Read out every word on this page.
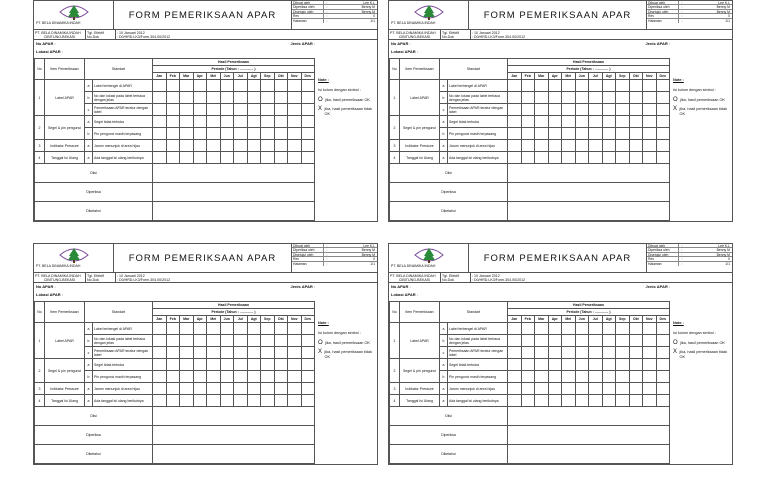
PT. BELA DINAMIKA INDAH
FORM PEMERIKSAAN APAR
Dibuat oleh	:	Lee K.L
Diperiksa oleh	:	Benny M
Disetujui oleh	:	Benny M
Rev	:	0
Halaman	:	1/1
PT. BELA DINAMIKA INDAH
CIBITUNG-BEKASI
Tgl. Efektif
No.Dok
: 10 Januari 2012
: D0/HRD.LK3/Form.304.00/2012
No APAR :	Jenis APAR :
Lokasi APAR :
No	Item Pemeriksaan	Standart		Hasil Pemeriksaan											
				Periode (Tahun : .............. )											
				Jan	Feb	Mar	Apr	Mei	Jun	Jul	Agt	Sep	Okt	Nov	Des
1	Label APAR	a	Label terbengel di APAR												
		b	No dan lokasi pada label terbaca dengan jelas												
		c	Pemeriksaan APAR teratur dengan label												
2	Segel & pin pengunci	a	Segel tidak terbuka												
		b	Pin pengunci masih terpasang												
3	Indikator Pressure	a	Jarum menunjuk di area hijau												
4	Tanggal Isi Ulang	a	Ada tanggal isi ulang berikutnya												
Diisi															
Diperiksa															
Diketahui															
Note :
Isi kolom dengan simbol :
O jika, hasil pemeriksaan OK
X jika, hasil pemeriksaan tidak OK
PT. BELA DINAMIKA INDAH
FORM PEMERIKSAAN APAR
Dibuat oleh	:	Lee K.L
Diperiksa oleh	:	Benny M
Disetujui oleh	:	Benny M
Rev	:	0
Halaman	:	1/1
PT. BELA DINAMIKA INDAH
CIBITUNG-BEKASI
Tgl. Efektif
No.Dok
: 10 Januari 2012
: D0/HRD.LK3/Form.304.00/2012
No APAR :	Jenis APAR :
Lokasi APAR :
No	Item Pemeriksaan	Standart		Hasil Pemeriksaan											
				Periode (Tahun : .............. )											
				Jan	Feb	Mar	Apr	Mei	Jun	Jul	Agt	Sep	Okt	Nov	Des
1	Label APAR	a	Label terbengel di APAR												
		b	No dan lokasi pada label terbaca dengan jelas												
		c	Pemeriksaan APAR teratur dengan label												
2	Segel & pin pengunci	a	Segel tidak terbuka												
		b	Pin pengunci masih terpasang												
3	Indikator Pressure	a	Jarum menunjuk di area hijau												
4	Tanggal Isi Ulang	a	Ada tanggal isi ulang berikutnya												
Diisi															
Diperiksa															
Diketahui															
Note :
Isi kolom dengan simbol :
O jika, hasil pemeriksaan OK
X jika, hasil pemeriksaan tidak OK
PT. BELA DINAMIKA INDAH
FORM PEMERIKSAAN APAR
Dibuat oleh	:	Lee K.L
Diperiksa oleh	:	Benny M
Disetujui oleh	:	Benny M
Rev	:	0
Halaman	:	1/1
PT. BELA DINAMIKA INDAH
CIBITUNG-BEKASI
Tgl. Efektif
No.Dok
: 10 Januari 2012
: D0/HRD.LK3/Form.304.00/2012
No APAR :	Jenis APAR :
Lokasi APAR :
No	Item Pemeriksaan	Standart		Hasil Pemeriksaan											
				Periode (Tahun : .............. )											
				Jan	Feb	Mar	Apr	Mei	Jun	Jul	Agt	Sep	Okt	Nov	Des
1	Label APAR	a	Label terbengel di APAR												
		b	No dan lokasi pada label terbaca dengan jelas												
		c	Pemeriksaan APAR teratur dengan label												
2	Segel & pin pengunci	a	Segel tidak terbuka												
		b	Pin pengunci masih terpasang												
3	Indikator Pressure	a	Jarum menunjuk di area hijau												
4	Tanggal Isi Ulang	a	Ada tanggal isi ulang berikutnya												
Diisi															
Diperiksa															
Diketahui															
Note :
Isi kolom dengan simbol :
O jika, hasil pemeriksaan OK
X jika, hasil pemeriksaan tidak OK
PT. BELA DINAMIKA INDAH
FORM PEMERIKSAAN APAR
Dibuat oleh	:	Lee K.L
Diperiksa oleh	:	Benny M
Disetujui oleh	:	Benny M
Rev	:	0
Halaman	:	1/1
PT. BELA DINAMIKA INDAH
CIBITUNG-BEKASI
Tgl. Efektif
No.Dok
: 10 Januari 2012
: D0/HRD.LK3/Form.304.00/2012
No APAR :	Jenis APAR :
Lokasi APAR :
No	Item Pemeriksaan	Standart		Hasil Pemeriksaan											
				Periode (Tahun : .............. )											
				Jan	Feb	Mar	Apr	Mei	Jun	Jul	Agt	Sep	Okt	Nov	Des
1	Label APAR	a	Label terbengel di APAR												
		b	No dan lokasi pada label terbaca dengan jelas												
		c	Pemeriksaan APAR teratur dengan label												
2	Segel & pin pengunci	a	Segel tidak terbuka												
		b	Pin pengunci masih terpasang												
3	Indikator Pressure	a	Jarum menunjuk di area hijau												
4	Tanggal Isi Ulang	a	Ada tanggal isi ulang berikutnya												
Diisi															
Diperiksa															
Diketahui															
Note :
Isi kolom dengan simbol :
O jika, hasil pemeriksaan OK
X jika, hasil pemeriksaan tidak OK
